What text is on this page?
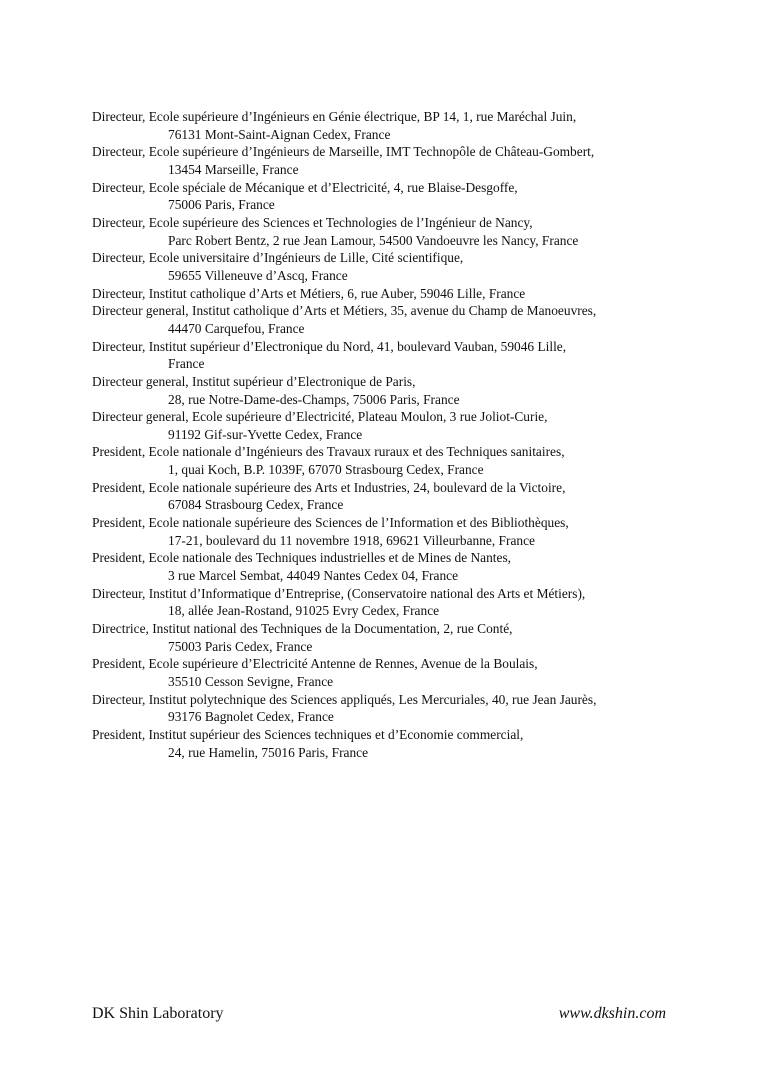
Directeur, Ecole supérieure d’Ingénieurs en Génie électrique, BP 14, 1, rue Maréchal Juin,
76131 Mont-Saint-Aignan Cedex, France

Directeur, Ecole supérieure d’Ingénieurs de Marseille, IMT Technopôle de Château-Gombert,
13454 Marseille, France

Directeur, Ecole spéciale de Mécanique et d’Electricité, 4, rue Blaise-Desgoffe,
75006 Paris, France

Directeur, Ecole supérieure des Sciences et Technologies de l’Ingénieur de Nancy,
Parc Robert Bentz, 2 rue Jean Lamour, 54500 Vandoeuvre les Nancy, France

Directeur, Ecole universitaire d’Ingénieurs de Lille, Cité scientifique,
59655 Villeneuve d’Ascq, France

Directeur, Institut catholique d’Arts et Métiers, 6, rue Auber, 59046 Lille, France

Directeur general, Institut catholique d’Arts et Métiers, 35, avenue du Champ de Manoeuvres,
44470 Carquefou, France

Directeur, Institut supérieur d’Electronique du Nord, 41, boulevard Vauban, 59046 Lille,
France

Directeur general, Institut supérieur d’Electronique de Paris,
28, rue Notre-Dame-des-Champs, 75006 Paris, France

Directeur general, Ecole supérieure d’Electricité, Plateau Moulon, 3 rue Joliot-Curie,
91192 Gif-sur-Yvette Cedex, France

President, Ecole nationale d’Ingénieurs des Travaux ruraux et des Techniques sanitaires,
1, quai Koch, B.P. 1039F, 67070 Strasbourg Cedex, France

President, Ecole nationale supérieure des Arts et Industries, 24, boulevard de la Victoire,
67084 Strasbourg Cedex, France

President, Ecole nationale supérieure des Sciences de l’Information et des Bibliothèques,
17-21, boulevard du 11 novembre 1918, 69621 Villeurbanne, France

President, Ecole nationale des Techniques industrielles et de Mines de Nantes,
3 rue Marcel Sembat, 44049 Nantes Cedex 04, France

Directeur, Institut d’Informatique d’Entreprise, (Conservatoire national des Arts et Métiers),
18, allée Jean-Rostand, 91025 Evry Cedex, France

Directrice, Institut national des Techniques de la Documentation, 2, rue Conté,
75003 Paris Cedex, France

President, Ecole supérieure d’Electricité Antenne de Rennes, Avenue de la Boulais,
35510 Cesson Sevigne, France

Directeur, Institut polytechnique des Sciences appliqués, Les Mercuriales, 40, rue Jean Jaurès,
93176 Bagnolet Cedex, France

President, Institut supérieur des Sciences techniques et d’Economie commercial,
24, rue Hamelin, 75016 Paris, France

DK Shin Laboratory	www.dkshin.com
